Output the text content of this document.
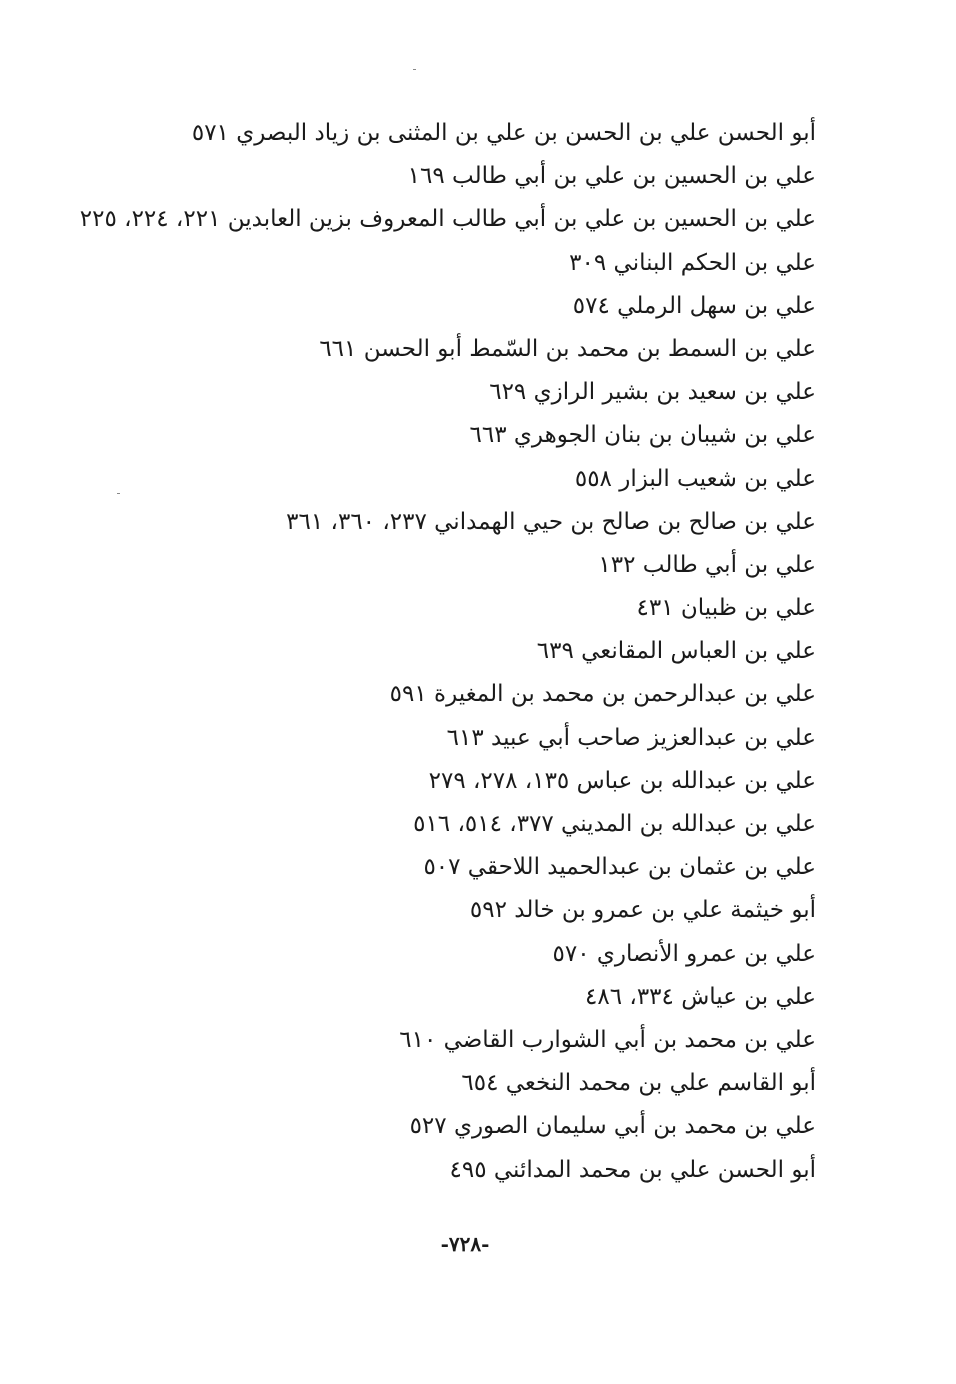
أبو الحسن علي بن الحسن بن علي بن المثنى بن زياد البصري ٥٧١
علي بن الحسين بن علي بن أبي طالب ١٦٩
علي بن الحسين بن علي بن أبي طالب المعروف بزين العابدين ٢٢١، ٢٢٤، ٢٢٥
علي بن الحكم البناني ٣٠٩
علي بن سهل الرملي ٥٧٤
علي بن السمط بن محمد بن السّمط أبو الحسن ٦٦١
علي بن سعيد بن بشير الرازي ٦٢٩
علي بن شيبان بن بنان الجوهري ٦٦٣
علي بن شعيب البزار ٥٥٨
علي بن صالح بن صالح بن حيي الهمداني ٢٣٧، ٣٦٠، ٣٦١
علي بن أبي طالب ١٣٢
علي بن ظبيان ٤٣١
علي بن العباس المقانعي ٦٣٩
علي بن عبدالرحمن بن محمد بن المغيرة ٥٩١
علي بن عبدالعزيز صاحب أبي عبيد ٦١٣
علي بن عبدالله بن عباس ١٣٥، ٢٧٨، ٢٧٩
علي بن عبدالله بن المديني ٣٧٧، ٥١٤، ٥١٦
علي بن عثمان بن عبدالحميد اللاحقي ٥٠٧
أبو خيثمة علي بن عمرو بن خالد ٥٩٢
علي بن عمرو الأنصاري ٥٧٠
علي بن عياش ٣٣٤، ٤٨٦
علي بن محمد بن أبي الشوارب القاضي ٦١٠
أبو القاسم علي بن محمد النخعي ٦٥٤
علي بن محمد بن أبي سليمان الصوري ٥٢٧
أبو الحسن علي بن محمد المدائني ٤٩٥
-٧٢٨-
